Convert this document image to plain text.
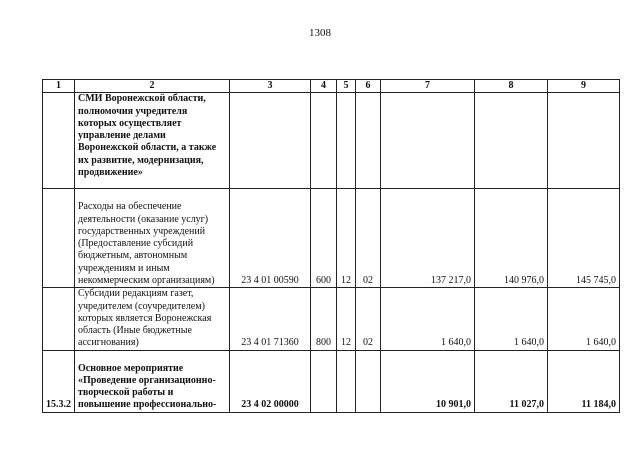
1308
1	2	3	4	5	6	7	8	9
	СМИ Воронежской области, полномочия учредителя которых осуществляет управление делами Воронежской области, а также их развитие, модернизация, продвижение»							
	Расходы на обеспечение деятельности (оказание услуг) государственных учреждений (Предоставление субсидий бюджетным, автономным учреждениям и иным некоммерческим организациям)	23 4 01 00590	600	12	02	137 217,0	140 976,0	145 745,0
	Субсидии редакциям газет, учредителем (соучредителем) которых является Воронежская область (Иные бюджетные ассигнования)	23 4 01 71360	800	12	02	1 640,0	1 640,0	1 640,0
15.3.2	Основное мероприятие «Проведение организационно-творческой работы и повышение профессионально-	23 4 02 00000				10 901,0	11 027,0	11 184,0
